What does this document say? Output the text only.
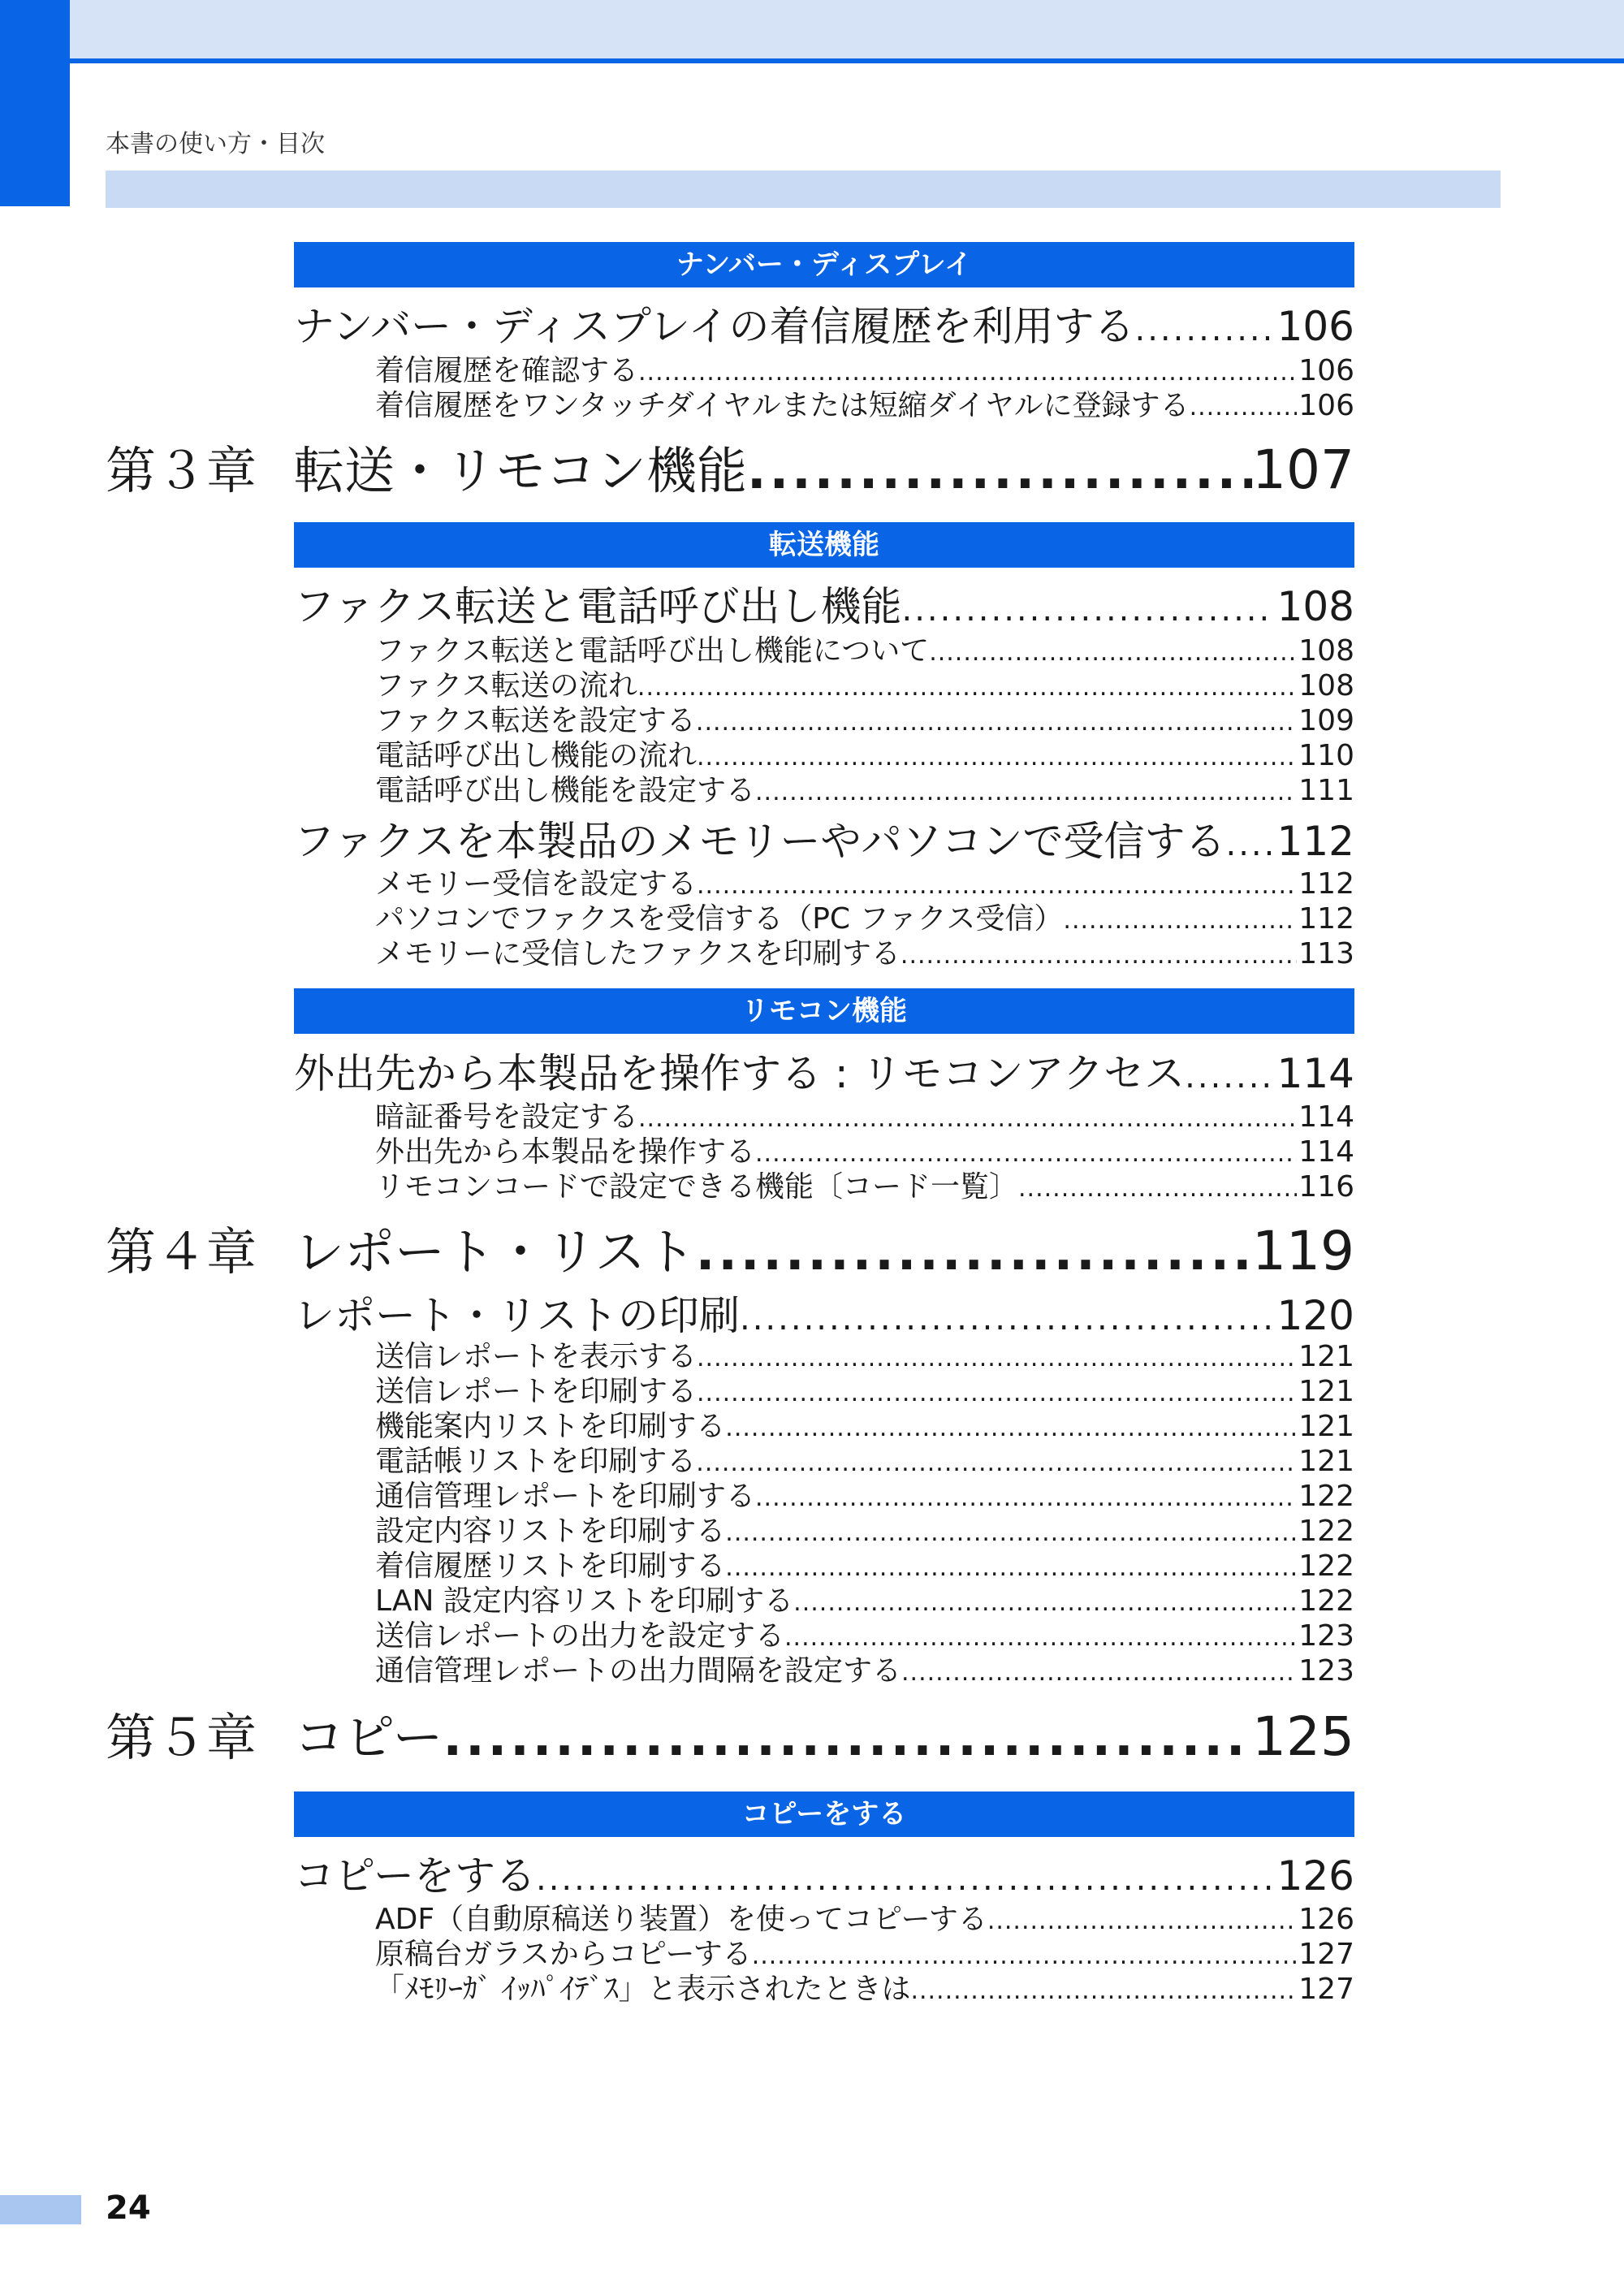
本書の使い方・目次
ナンバー・ディスプレイ
ナンバー・ディスプレイの着信履歴を利用する .....	106
着信履歴を確認する .....	106
着信履歴をワンタッチダイヤルまたは短縮ダイヤルに登録する .....	106
第３章 転送・リモコン機能 .....	107
転送機能
ファクス転送と電話呼び出し機能 .....	108
ファクス転送と電話呼び出し機能について .....	108
ファクス転送の流れ .....	108
ファクス転送を設定する .....	109
電話呼び出し機能の流れ .....	110
電話呼び出し機能を設定する .....	111
ファクスを本製品のメモリーやパソコンで受信する ..... 112
メモリー受信を設定する .....	112
パソコンでファクスを受信する（PC ファクス受信） .....	112
メモリーに受信したファクスを印刷する .....	113
リモコン機能
外出先から本製品を操作する : リモコンアクセス ..... 114
暗証番号を設定する .....	114
外出先から本製品を操作する .....	114
リモコンコードで設定できる機能〔コード一覧〕 .....	116
第４章 レポート・リスト .....	119
レポート・リストの印刷 .....	120
送信レポートを表示する .....	121
送信レポートを印刷する .....	121
機能案内リストを印刷する .....	121
電話帳リストを印刷する .....	121
通信管理レポートを印刷する .....	122
設定内容リストを印刷する .....	122
着信履歴リストを印刷する .....	122
LAN 設定内容リストを印刷する .....	122
送信レポートの出力を設定する .....	123
通信管理レポートの出力間隔を設定する .....	123
第５章 コピー .....	125
コピーをする
コピーをする .....	126
ADF（自動原稿送り装置）を使ってコピーする .....	126
原稿台ガラスからコピーする .....	127
「ﾒﾓﾘｰｶﾞ ｲｯﾊﾟｲﾃﾞｽ」と表示されたときは .....	127
24
